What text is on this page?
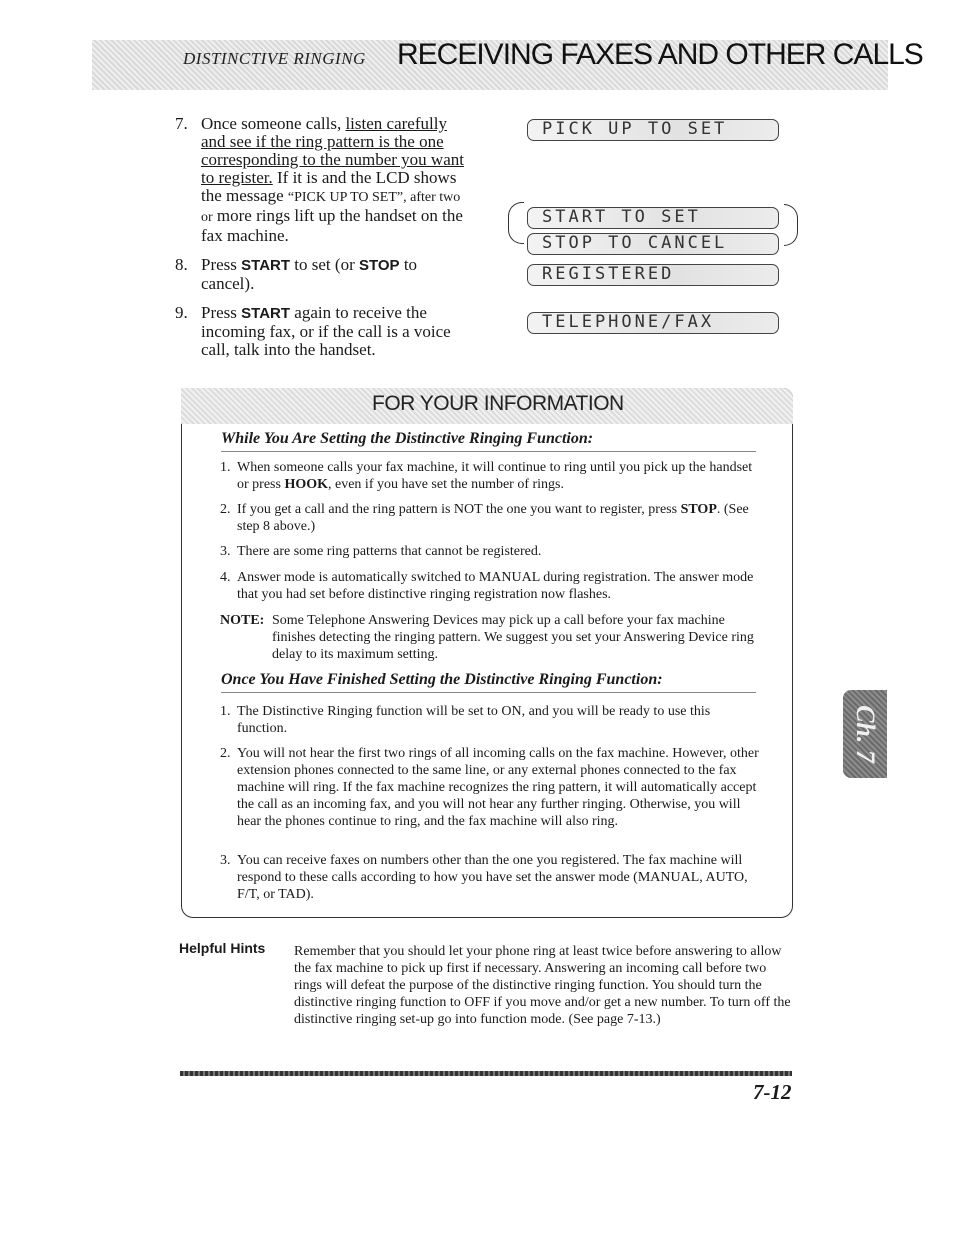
DISTINCTIVE RINGING RECEIVING FAXES AND OTHER CALLS
7. Once someone calls, listen carefully and see if the ring pattern is the one corresponding to the number you want to register. If it is and the LCD shows the message “PICK UP TO SET”, after two or more rings lift up the handset on the fax machine.
8. Press START to set (or STOP to cancel).
9. Press START again to receive the incoming fax, or if the call is a voice call, talk into the handset.
PICK UP TO SET
START TO SET
STOP TO CANCEL
REGISTERED
TELEPHONE/FAX
FOR YOUR INFORMATION
While You Are Setting the Distinctive Ringing Function:
1. When someone calls your fax machine, it will continue to ring until you pick up the handset or press HOOK, even if you have set the number of rings.
2. If you get a call and the ring pattern is NOT the one you want to register, press STOP. (See step 8 above.)
3. There are some ring patterns that cannot be registered.
4. Answer mode is automatically switched to MANUAL during registration. The answer mode that you had set before distinctive ringing registration now flashes.
NOTE: Some Telephone Answering Devices may pick up a call before your fax machine finishes detecting the ringing pattern. We suggest you set your Answering Device ring delay to its maximum setting.
Once You Have Finished Setting the Distinctive Ringing Function:
1. The Distinctive Ringing function will be set to ON, and you will be ready to use this function.
2. You will not hear the first two rings of all incoming calls on the fax machine. However, other extension phones connected to the same line, or any external phones connected to the fax machine will ring. If the fax machine recognizes the ring pattern, it will automatically accept the call as an incoming fax, and you will not hear any further ringing. Otherwise, you will hear the phones continue to ring, and the fax machine will also ring.
3. You can receive faxes on numbers other than the one you registered. The fax machine will respond to these calls according to how you have set the answer mode (MANUAL, AUTO, F/T, or TAD).
Helpful Hints Remember that you should let your phone ring at least twice before answering to allow the fax machine to pick up first if necessary. Answering an incoming call before two rings will defeat the purpose of the distinctive ringing function. You should turn the distinctive ringing function to OFF if you move and/or get a new number. To turn off the distinctive ringing set-up go into function mode. (See page 7-13.)
7-12
Ch. 7
